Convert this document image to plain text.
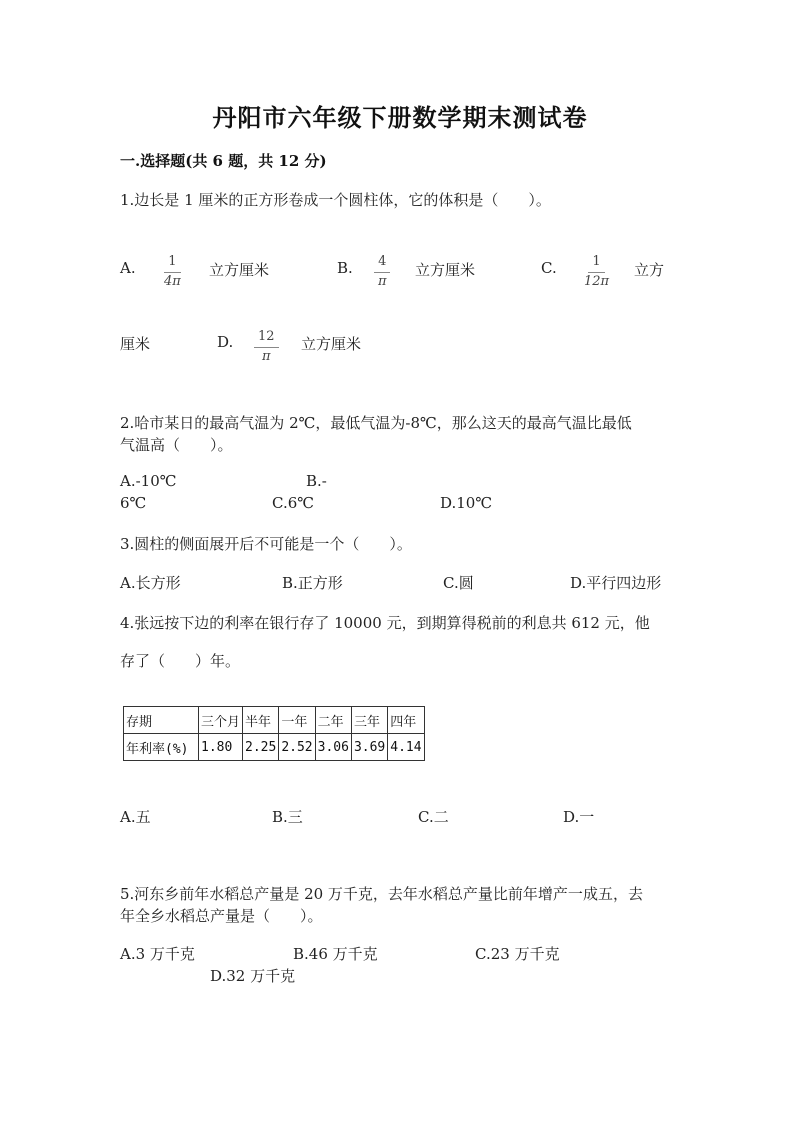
丹阳市六年级下册数学期末测试卷
一.选择题(共 6 题，共 12 分)
1.边长是 1 厘米的正方形卷成一个圆柱体，它的体积是（　　）。
A. $\frac{1}{4\pi}$ 立方厘米	B. $\frac{4}{\pi}$ 立方厘米	C. $\frac{1}{12\pi}$ 立方
厘米	D. $\frac{12}{\pi}$ 立方厘米
2.哈市某日的最高气温为 2℃，最低气温为-8℃，那么这天的最高气温比最低
气温高（　　）。
A.-10℃	B.-
6℃	C.6℃	D.10℃
3.圆柱的侧面展开后不可能是一个（　　）。
A.长方形	B.正方形	C.圆	D.平行四边形
4.张远按下边的利率在银行存了 10000 元，到期算得税前的利息共 612 元，他
存了（　　）年。
存期	三个月	半年	一年	二年	三年	四年
年利率(%)	1.80	2.25	2.52	3.06	3.69	4.14
A.五	B.三	C.二	D.一
5.河东乡前年水稻总产量是 20 万千克，去年水稻总产量比前年增产一成五，去
年全乡水稻总产量是（　　）。
A.3 万千克	B.46 万千克	C.23 万千克
D.32 万千克
